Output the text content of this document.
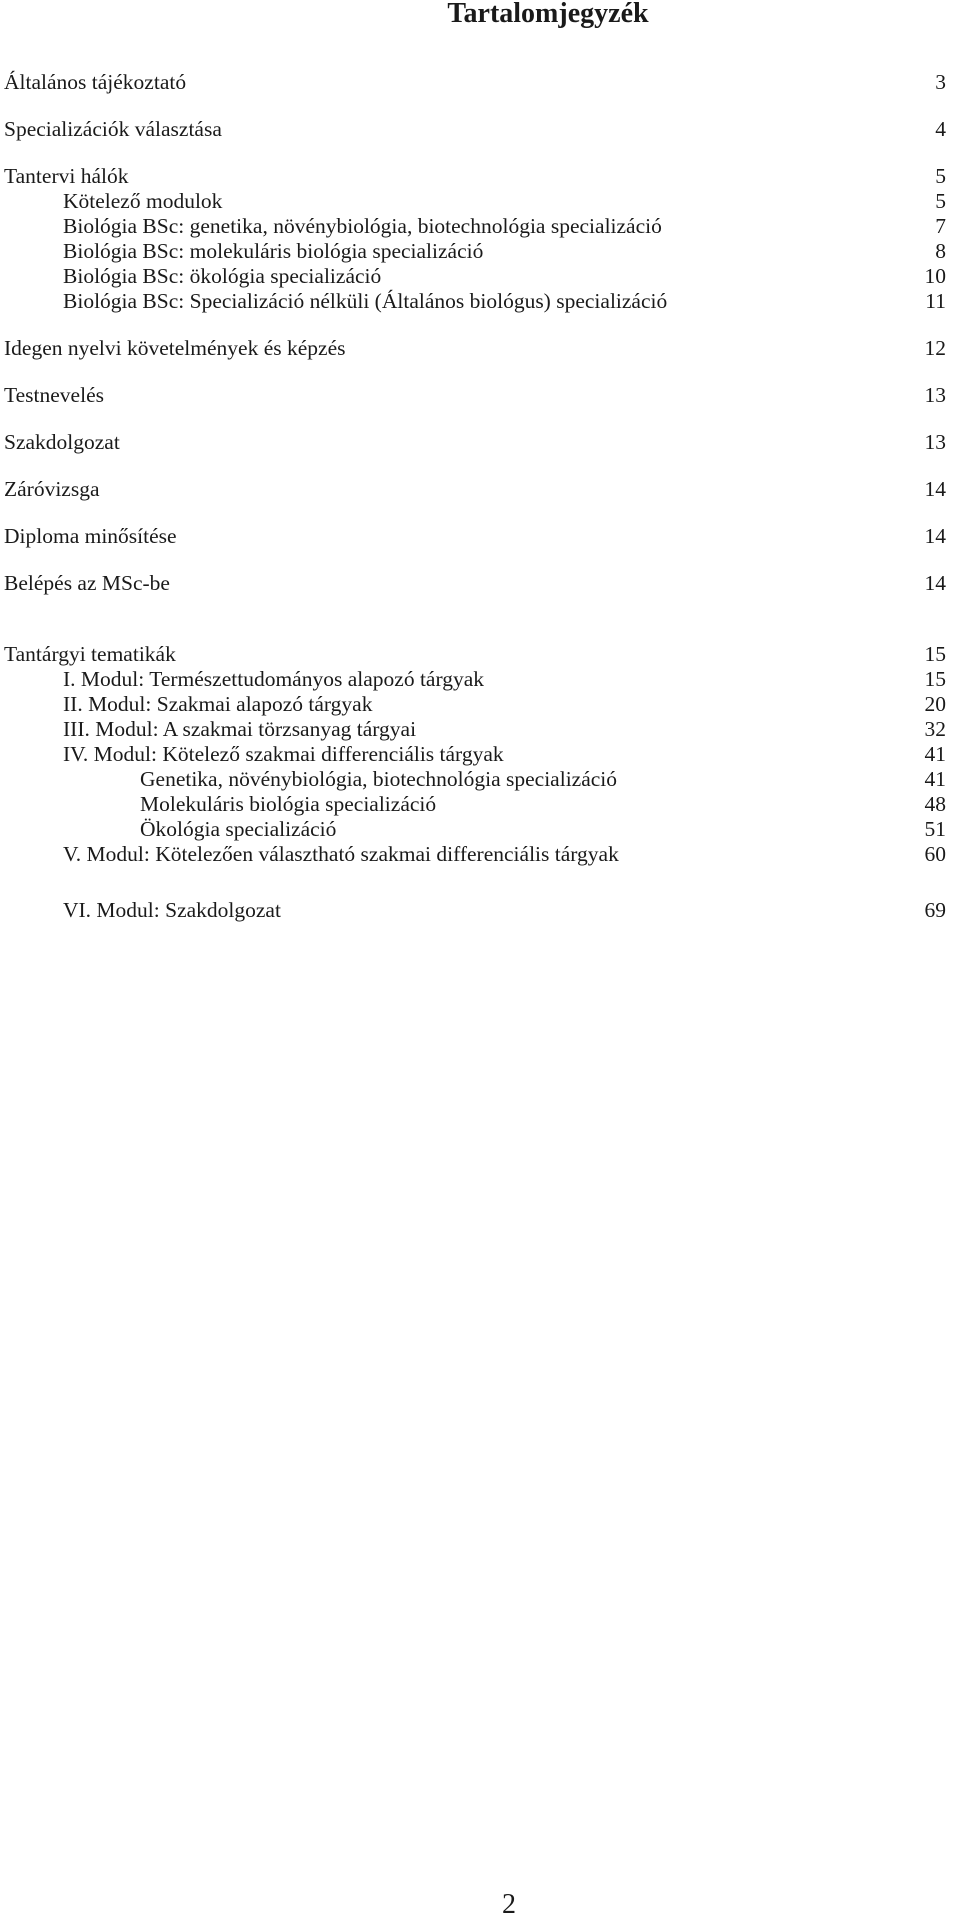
Tartalomjegyzék
Általános tájékoztató	3
Specializációk választása	4
Tantervi hálók	5
Kötelező modulok	5
Biológia BSc: genetika, növénybiológia, biotechnológia specializáció	7
Biológia BSc: molekuláris biológia specializáció	8
Biológia BSc: ökológia specializáció	10
Biológia BSc: Specializáció nélküli (Általános biológus) specializáció	11
Idegen nyelvi követelmények és képzés	12
Testnevelés	13
Szakdolgozat	13
Záróvizsga	14
Diploma minősítése	14
Belépés az MSc-be	14
Tantárgyi tematikák	15
I. Modul: Természettudományos alapozó tárgyak	15
II. Modul: Szakmai alapozó tárgyak	20
III. Modul: A szakmai törzsanyag tárgyai	32
IV. Modul: Kötelező szakmai differenciális tárgyak	41
Genetika, növénybiológia, biotechnológia specializáció	41
Molekuláris biológia specializáció	48
Ökológia specializáció	51
V. Modul: Kötelezően választható szakmai differenciális tárgyak	60
VI. Modul: Szakdolgozat	69
2
